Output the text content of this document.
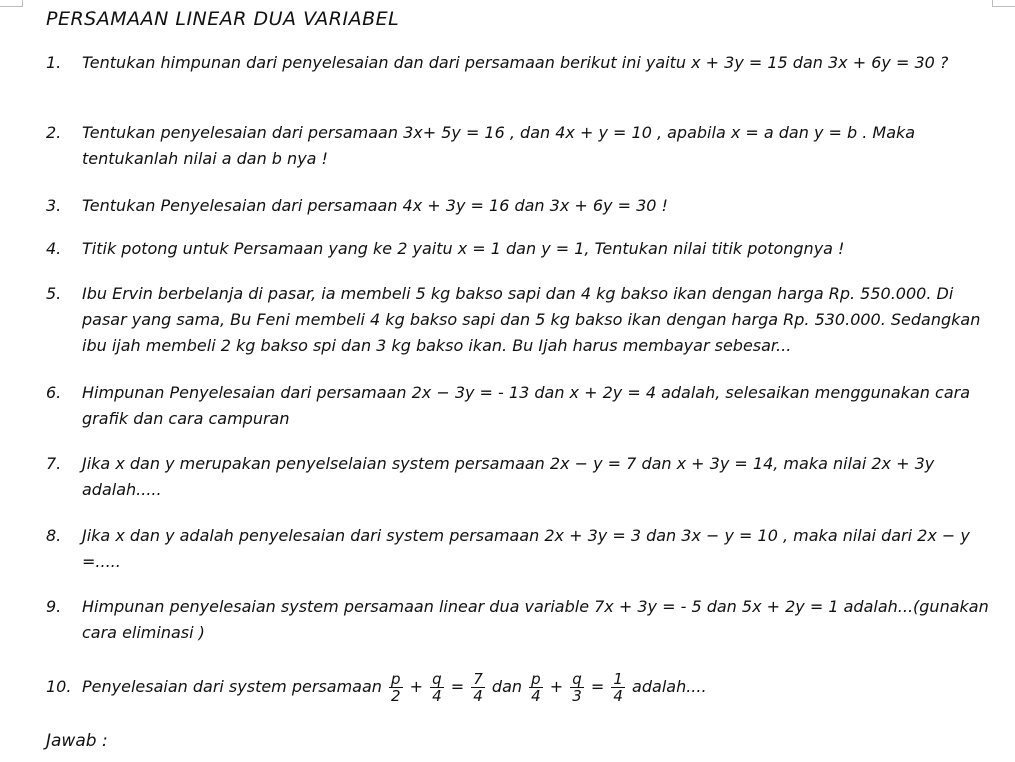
PERSAMAAN LINEAR DUA VARIABEL
1.	Tentukan himpunan dari penyelesaian dan dari persamaan berikut ini yaitu x + 3y = 15 dan 3x + 6y = 30 ?
2.	Tentukan penyelesaian dari persamaan 3x+ 5y = 16 , dan 4x + y = 10 , apabila x = a dan y = b . Maka tentukanlah nilai a dan b nya !
3.	Tentukan Penyelesaian dari persamaan 4x + 3y = 16 dan 3x + 6y = 30 !
4.	Titik potong untuk Persamaan yang ke 2 yaitu x = 1 dan y = 1, Tentukan nilai titik potongnya !
5.	Ibu Ervin berbelanja di pasar, ia membeli 5 kg bakso sapi dan 4 kg bakso ikan dengan harga Rp. 550.000. Di pasar yang sama, Bu Feni membeli 4 kg bakso sapi dan 5 kg bakso ikan dengan harga Rp. 530.000. Sedangkan ibu ijah membeli 2 kg bakso spi dan 3 kg bakso ikan. Bu Ijah harus membayar sebesar...
6.	Himpunan Penyelesaian dari persamaan 2x − 3y = - 13 dan x + 2y = 4 adalah, selesaikan menggunakan cara grafik dan cara campuran
7.	Jika x dan y merupakan penyelselaian system persamaan 2x − y = 7 dan x + 3y = 14, maka nilai 2x + 3y adalah.....
8.	Jika x dan y adalah penyelesaian dari system persamaan 2x + 3y = 3 dan 3x − y = 10 , maka nilai dari 2x − y =.....
9.	Himpunan penyelesaian system persamaan linear dua variable 7x + 3y = - 5 dan 5x + 2y = 1 adalah...(gunakan cara eliminasi )
10. Penyelesaian dari system persamaan $\frac{p}{2} + \frac{q}{4} = \frac{7}{4}$ dan $\frac{p}{4} + \frac{q}{3} = \frac{1}{4}$ adalah....
Jawab :
